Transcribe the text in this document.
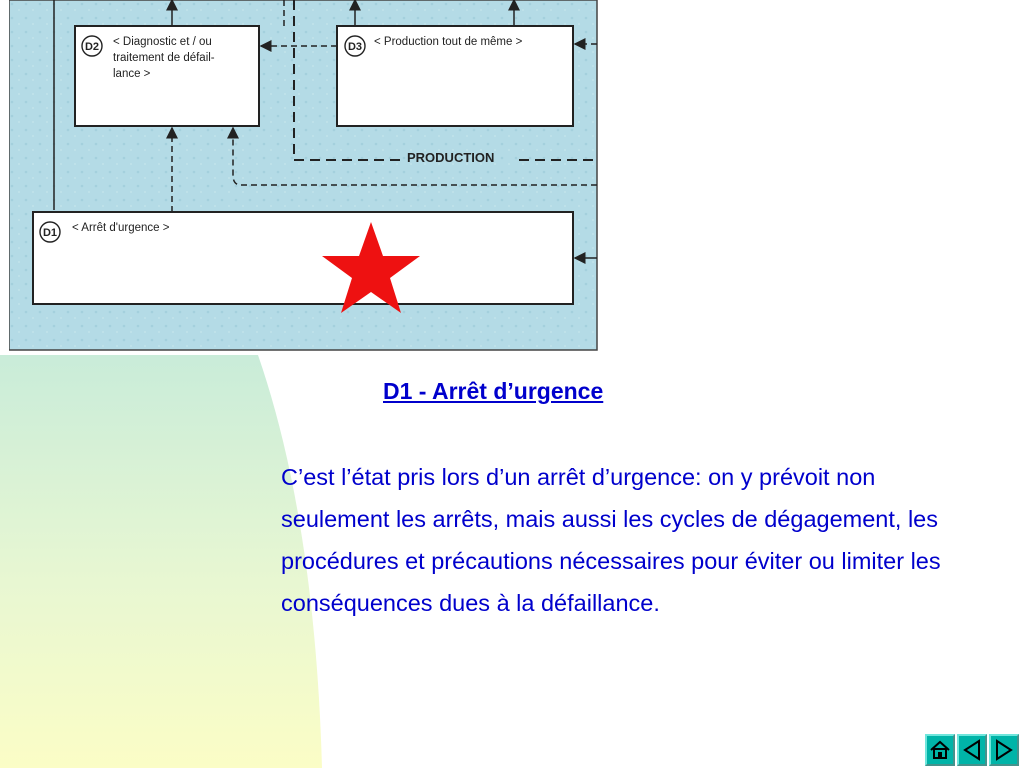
D2 < Diagnostic et / ou
traitement de défail-
lance >
D3 < Production tout de même >
D1 < Arrêt d'urgence >
PRODUCTION
D1 - Arrêt d’urgence

C’est l’état pris lors d’un arrêt d’urgence: on y prévoit non seulement les arrêts, mais aussi les cycles de dégagement, les procédures et précautions nécessaires pour éviter ou limiter les conséquences dues à la défaillance.
